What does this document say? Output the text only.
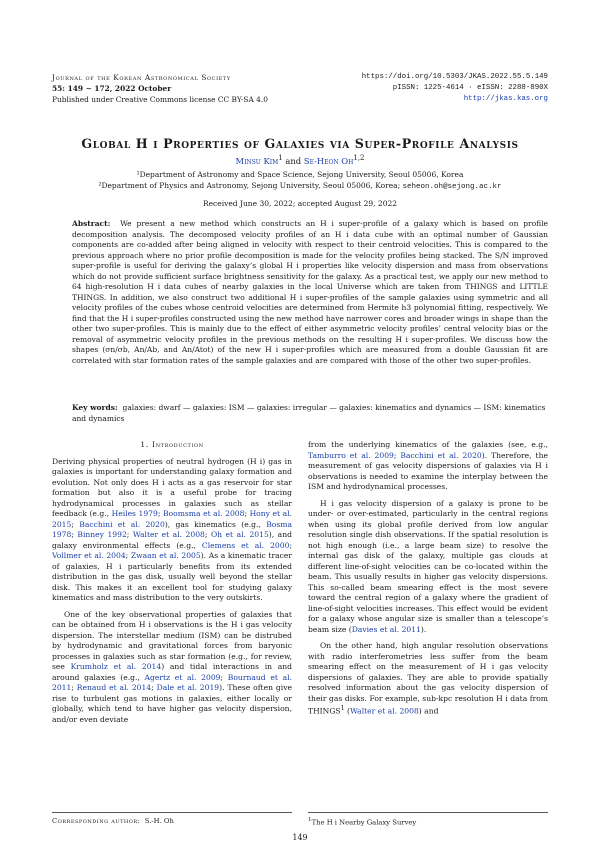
Journal of the Korean Astronomical Society
55: 149 ∼ 172, 2022 October
Published under Creative Commons license CC BY-SA 4.0
https://doi.org/10.5303/JKAS.2022.55.5.149
pISSN: 1225-4614 · eISSN: 2288-890X
http://jkas.kas.org
Global H i Properties of Galaxies via Super-Profile Analysis
Minsu Kim$^1$ and Se-Heon Oh$^{1,2}$
¹Department of Astronomy and Space Science, Sejong University, Seoul 05006, Korea
²Department of Physics and Astronomy, Sejong University, Seoul 05006, Korea; seheon.oh@sejong.ac.kr
Received June 30, 2022; accepted August 29, 2022
Abstract: We present a new method which constructs an H i super-profile of a galaxy which is based on profile decomposition analysis. The decomposed velocity profiles of an H i data cube with an optimal number of Gaussian components are co-added after being aligned in velocity with respect to their centroid velocities. This is compared to the previous approach where no prior profile decomposition is made for the velocity profiles being stacked. The S/N improved super-profile is useful for deriving the galaxy’s global H i properties like velocity dispersion and mass from observations which do not provide sufficient surface brightness sensitivity for the galaxy. As a practical test, we apply our new method to 64 high-resolution H i data cubes of nearby galaxies in the local Universe which are taken from THINGS and LITTLE THINGS. In addition, we also construct two additional H i super-profiles of the sample galaxies using symmetric and all velocity profiles of the cubes whose centroid velocities are determined from Hermite h3 polynomial fitting, respectively. We find that the H i super-profiles constructed using the new method have narrower cores and broader wings in shape than the other two super-profiles. This is mainly due to the effect of either asymmetric velocity profiles’ central velocity bias or the removal of asymmetric velocity profiles in the previous methods on the resulting H i super-profiles. We discuss how the shapes (σn/σb, An/Ab, and An/Atot) of the new H i super-profiles which are measured from a double Gaussian fit are correlated with star formation rates of the sample galaxies and are compared with those of the other two super-profiles.
Key words: galaxies: dwarf — galaxies: ISM — galaxies: irregular — galaxies: kinematics and dynamics — ISM: kinematics and dynamics
1. Introduction

Deriving physical properties of neutral hydrogen (H i) gas in galaxies is important for understanding galaxy formation and evolution. Not only does H i acts as a gas reservoir for star formation but also it is a useful probe for tracing hydrodynamical processes in galaxies such as stellar feedback (e.g., Heiles 1979; Boomsma et al. 2008; Hony et al. 2015; Bacchini et al. 2020), gas kinematics (e.g., Bosma 1978; Binney 1992; Walter et al. 2008; Oh et al. 2015), and galaxy environmental effects (e.g., Clemens et al. 2000; Vollmer et al. 2004; Zwaan et al. 2005). As a kinematic tracer of galaxies, H i particularly benefits from its extended distribution in the gas disk, usually well beyond the stellar disk. This makes it an excellent tool for studying galaxy kinematics and mass distribution to the very outskirts.

One of the key observational properties of galaxies that can be obtained from H i observations is the H i gas velocity dispersion. The interstellar medium (ISM) can be distrubed by hydrodynamic and gravitational forces from baryonic processes in galaxies such as star formation (e.g., for review, see Krumholz et al. 2014) and tidal interactions in and around galaxies (e.g., Agertz et al. 2009; Bournaud et al. 2011; Renaud et al. 2014; Dale et al. 2019). These often give rise to turbulent gas motions in galaxies, either locally or globally, which tend to have higher gas velocity dispersion, and/or even deviate

from the underlying kinematics of the galaxies (see, e.g., Tamburro et al. 2009; Bacchini et al. 2020). Therefore, the measurement of gas velocity dispersions of galaxies via H i observations is needed to examine the interplay between the ISM and hydrodynamical processes.

H i gas velocity dispersion of a galaxy is prone to be under- or over-estimated, particularly in the central regions when using its global profile derived from low angular resolution single dish observations. If the spatial resolution is not high enough (i.e., a large beam size) to resolve the internal gas disk of the galaxy, multiple gas clouds at different line-of-sight velocities can be co-located within the beam. This usually results in higher gas velocity dispersions. This so-called beam smearing effect is the most severe toward the central region of a galaxy where the gradient of line-of-sight velocities increases. This effect would be evident for a galaxy whose angular size is smaller than a telescope’s beam size (Davies et al. 2011).

On the other hand, high angular resolution observations with radio interferometries less suffer from the beam smearing effect on the measurement of H i gas velocity dispersions of galaxies. They are able to provide spatially resolved information about the gas velocity dispersion of their gas disks. For example, sub-kpc resolution H i data from THINGS$^1$ (Walter et al. 2008) and

Corresponding author: S.-H. Oh	$^1$The H i Nearby Galaxy Survey
149
